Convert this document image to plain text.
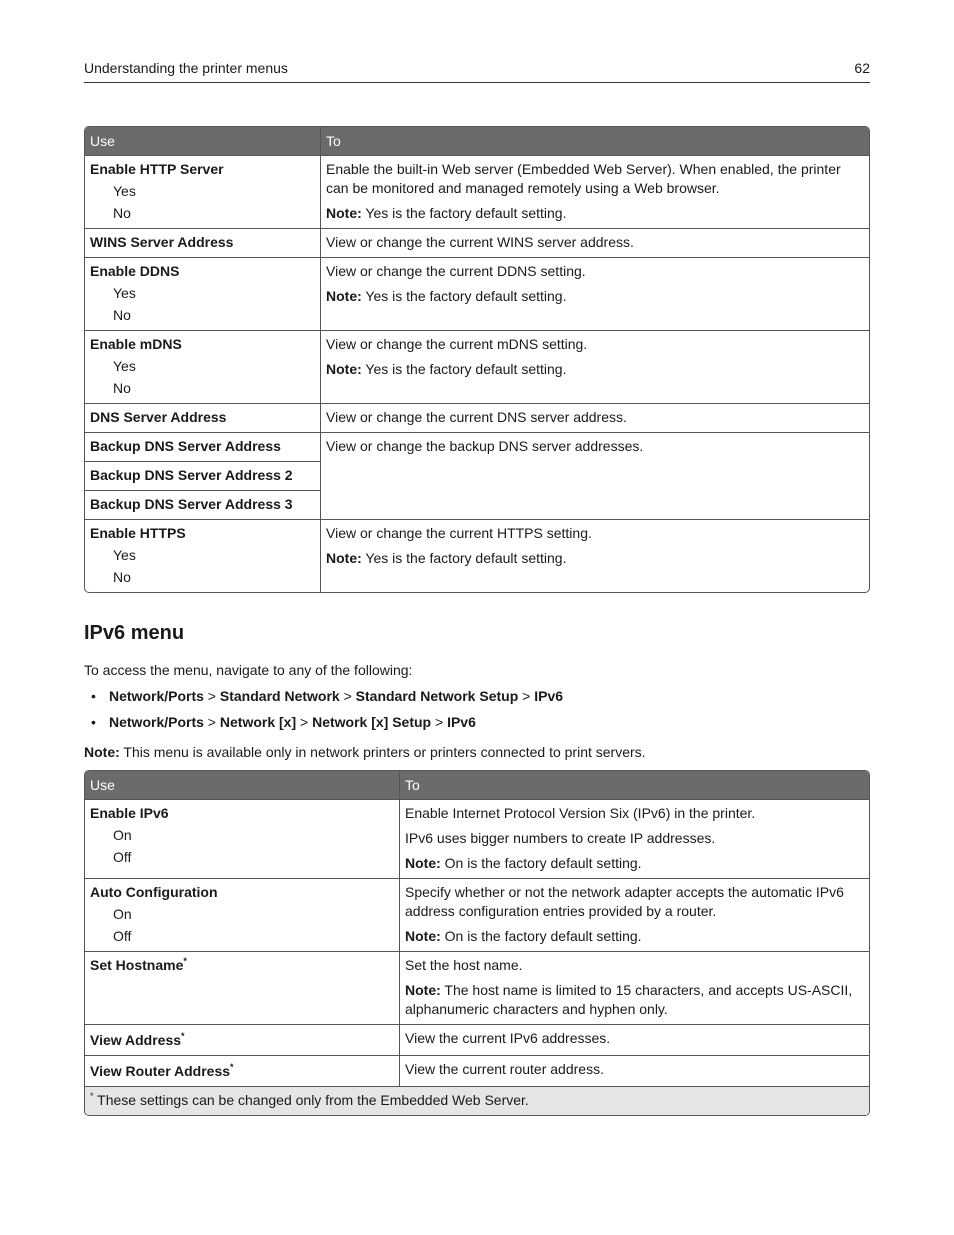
Understanding the printer menus	62
Use	To

Enable HTTP Server
Yes
No	Enable the built-in Web server (Embedded Web Server). When enabled, the printer can be monitored and managed remotely using a Web browser.
Note: Yes is the factory default setting.

WINS Server Address	View or change the current WINS server address.

Enable DDNS
Yes
No	View or change the current DDNS setting.
Note: Yes is the factory default setting.

Enable mDNS
Yes
No	View or change the current mDNS setting.
Note: Yes is the factory default setting.

DNS Server Address	View or change the current DNS server address.

Backup DNS Server Address	View or change the backup DNS server addresses.

Backup DNS Server Address 2	

Backup DNS Server Address 3	

Enable HTTPS
Yes
No	View or change the current HTTPS setting.
Note: Yes is the factory default setting.
IPv6 menu

To access the menu, navigate to any of the following:

• Network/Ports > Standard Network > Standard Network Setup > IPv6
• Network/Ports > Network [x] > Network [x] Setup > IPv6

Note: This menu is available only in network printers or printers connected to print servers.

Use	To

Enable IPv6
On
Off	Enable Internet Protocol Version Six (IPv6) in the printer.
IPv6 uses bigger numbers to create IP addresses.
Note: On is the factory default setting.

Auto Configuration
On
Off	Specify whether or not the network adapter accepts the automatic IPv6 address configuration entries provided by a router.
Note: On is the factory default setting.

Set Hostname*	Set the host name.
Note: The host name is limited to 15 characters, and accepts US-ASCII, alphanumeric characters and hyphen only.

View Address*	View the current IPv6 addresses.

View Router Address*	View the current router address.

* These settings can be changed only from the Embedded Web Server.	
